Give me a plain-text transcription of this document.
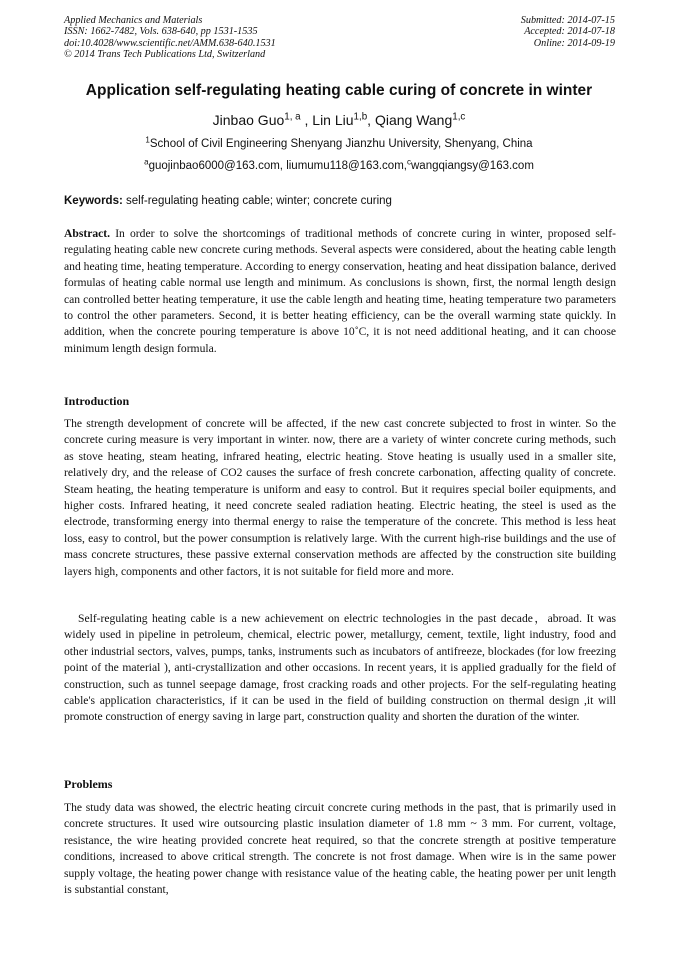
Applied Mechanics and Materials
ISSN: 1662-7482, Vols. 638-640, pp 1531-1535
doi:10.4028/www.scientific.net/AMM.638-640.1531
© 2014 Trans Tech Publications Ltd, Switzerland
Submitted: 2014-07-15
Accepted: 2014-07-18
Online: 2014-09-19
Application self-regulating heating cable curing of concrete in winter
Jinbao Guo$^{1, a}$ , Lin Liu$^{1,b}$, Qiang Wang$^{1,c}$
$^1$School of Civil Engineering Shenyang Jianzhu University, Shenyang, China
$^a$guojinbao6000@163.com, liumumu118@163.com,$^c$wangqiangsy@163.com
Keywords: self-regulating heating cable; winter; concrete curing

Abstract. In order to solve the shortcomings of traditional methods of concrete curing in winter, proposed self-regulating heating cable new concrete curing methods. Several aspects were considered, about the heating cable length and heating time, heating temperature. According to energy conservation, heating and heat dissipation balance, derived formulas of heating cable normal use length and minimum. As conclusions is shown, first, the normal length design can controlled better heating temperature, it use the cable length and heating time, heating temperature two parameters to control the other parameters. Second, it is better heating efficiency, can be the overall warming state quickly. In addition, when the concrete pouring temperature is above 10˚C, it is not need additional heating, and it can choose minimum length design formula.

Introduction

The strength development of concrete will be affected, if the new cast concrete subjected to frost in winter. So the concrete curing measure is very important in winter. now, there are a variety of winter concrete curing methods, such as stove heating, steam heating, infrared heating, electric heating. Stove heating is usually used in a smaller site, relatively dry, and the release of CO2 causes the surface of fresh concrete carbonation, affecting quality of concrete. Steam heating, the heating temperature is uniform and easy to control. But it requires special boiler equipments, and higher costs. Infrared heating, it need concrete sealed radiation heating. Electric heating, the steel is used as the electrode, transforming energy into thermal energy to raise the temperature of the concrete. This method is less heat loss, easy to control, but the power consumption is relatively large. With the current high-rise buildings and the use of mass concrete structures, these passive external conservation methods are affected by the construction site building layers high, components and other factors, it is not suitable for field more and more.

Self-regulating heating cable is a new achievement on electric technologies in the past decade，abroad. It was widely used in pipeline in petroleum, chemical, electric power, metallurgy, cement, textile, light industry, food and other industrial sectors, valves, pumps, tanks, instruments such as incubators of antifreeze, blockades (for low freezing point of the material ), anti-crystallization and other occasions. In recent years, it is applied gradually for the field of construction, such as tunnel seepage damage, frost cracking roads and other projects. For the self-regulating heating cable's application characteristics, if it can be used in the field of building construction on thermal design ,it will promote construction of energy saving in large part, construction quality and shorten the duration of the winter.

Problems

The study data was showed, the electric heating circuit concrete curing methods in the past, that is primarily used in concrete structures. It used wire outsourcing plastic insulation diameter of 1.8 mm ~ 3 mm. For current, voltage, resistance, the wire heating provided concrete heat required, so that the concrete strength at positive temperature conditions, increased to above critical strength. The concrete is not frost damage. When wire is in the same power supply voltage, the heating power change with resistance value of the heating cable, the heating power per unit length is substantial constant,
